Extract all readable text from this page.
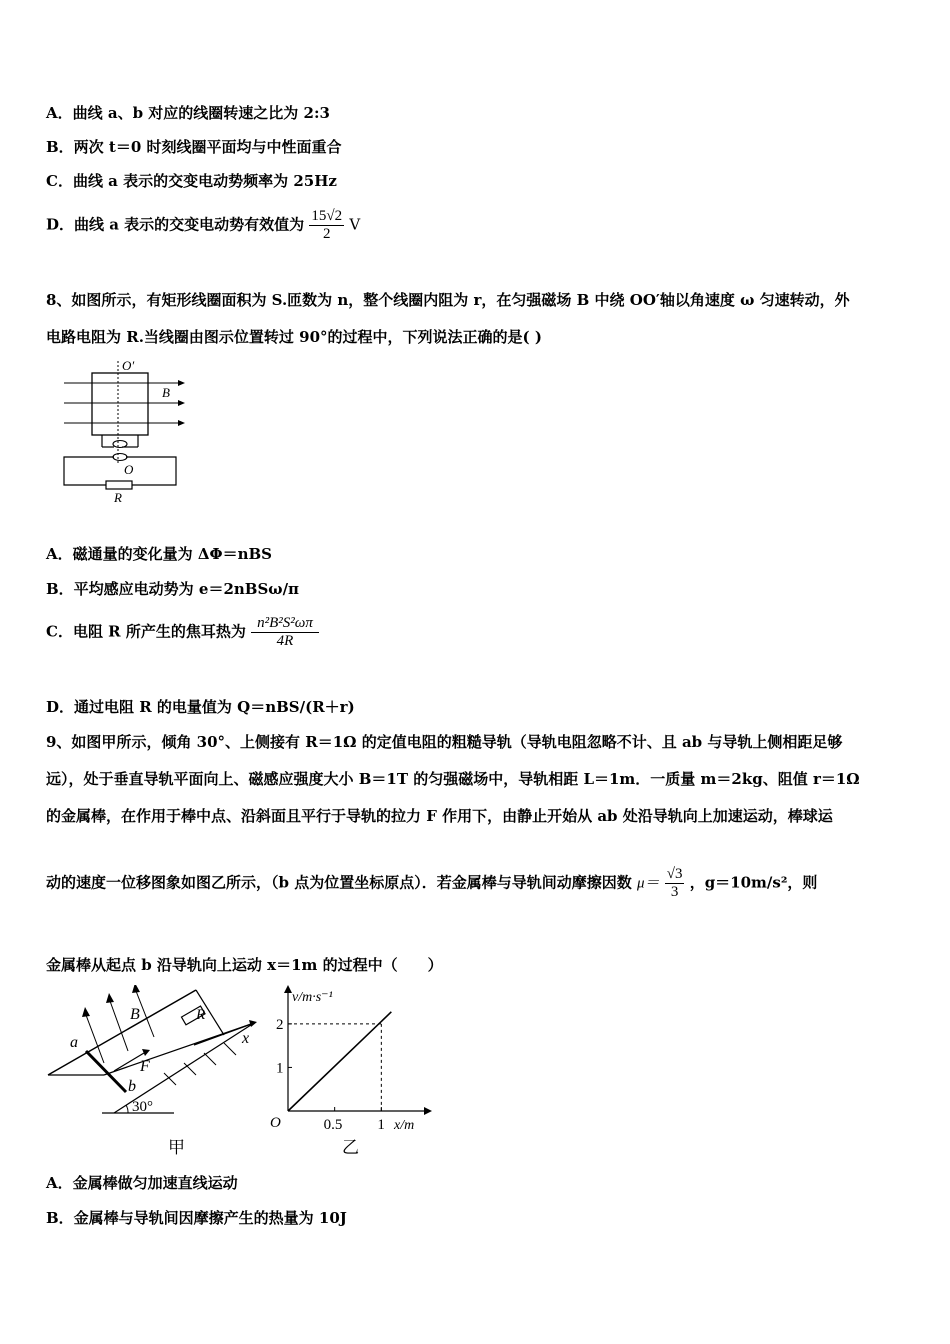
A．曲线 a、b 对应的线圈转速之比为 2:3
B．两次 t＝0 时刻线圈平面均与中性面重合
C．曲线 a 表示的交变电动势频率为 25Hz
D．曲线 a 表示的交变电动势有效值为 $\frac{15√2}{2}$ V
8、如图所示，有矩形线圈面积为 S.匝数为 n，整个线圈内阻为 r，在匀强磁场 B 中绕 OO′轴以角速度 ω 匀速转动，外
电路电阻为 R.当线圈由图示位置转过 90°的过程中，下列说法正确的是( )
O′
B
O
R
A．磁通量的变化量为 ΔΦ＝nBS
B．平均感应电动势为 e＝2nBSω/π
C．电阻 R 所产生的焦耳热为 $\frac{\text{n²B²S²ωπ}}{4R}$
D．通过电阻 R 的电量值为 Q＝nBS/(R＋r)
9、如图甲所示，倾角 30°、上侧接有 R＝1Ω 的定值电阻的粗糙导轨（导轨电阻忽略不计、且 ab 与导轨上侧相距足够
远），处于垂直导轨平面向上、磁感应强度大小 B＝1T 的匀强磁场中，导轨相距 L＝1m．一质量 m＝2kg、阻值 r＝1Ω
的金属棒，在作用于棒中点、沿斜面且平行于导轨的拉力 F 作用下，由静止开始从 ab 处沿导轨向上加速运动，棒球运
动的速度一位移图象如图乙所示，（b 点为位置坐标原点）．若金属棒与导轨间动摩擦因数 $\mu= \frac{√3}{3}$ ，g＝10m/s²，则
金属棒从起点 b 沿导轨向上运动 x＝1m 的过程中（　　）
B	R
a
F
b
30°
x
甲
1
2
0.5 1
v/m·s⁻¹
x/m
O
乙
A．金属棒做匀加速直线运动
B．金属棒与导轨间因摩擦产生的热量为 10J
